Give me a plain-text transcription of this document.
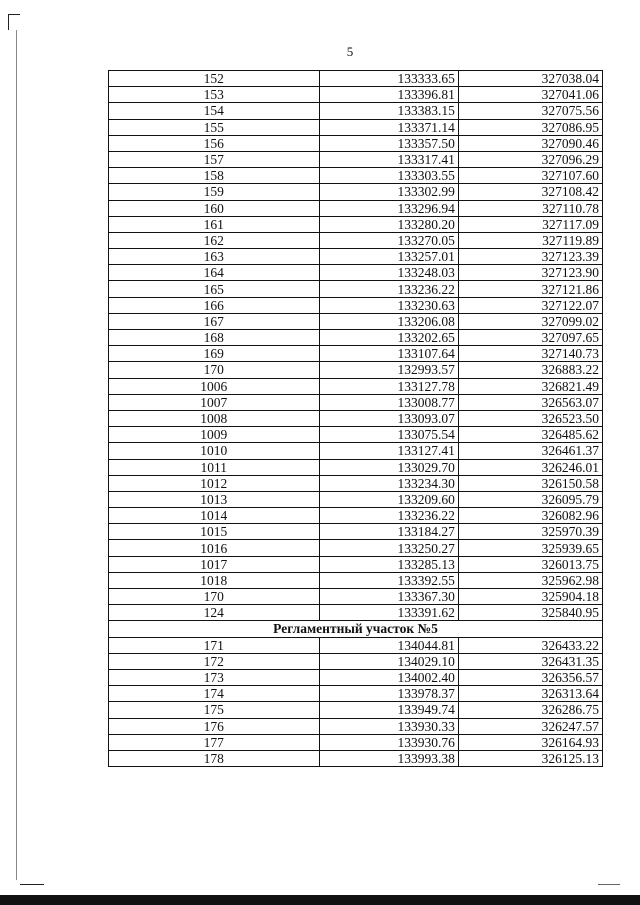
5
152	133333.65	327038.04
153	133396.81	327041.06
154	133383.15	327075.56
155	133371.14	327086.95
156	133357.50	327090.46
157	133317.41	327096.29
158	133303.55	327107.60
159	133302.99	327108.42
160	133296.94	327110.78
161	133280.20	327117.09
162	133270.05	327119.89
163	133257.01	327123.39
164	133248.03	327123.90
165	133236.22	327121.86
166	133230.63	327122.07
167	133206.08	327099.02
168	133202.65	327097.65
169	133107.64	327140.73
170	132993.57	326883.22
1006	133127.78	326821.49
1007	133008.77	326563.07
1008	133093.07	326523.50
1009	133075.54	326485.62
1010	133127.41	326461.37
1011	133029.70	326246.01
1012	133234.30	326150.58
1013	133209.60	326095.79
1014	133236.22	326082.96
1015	133184.27	325970.39
1016	133250.27	325939.65
1017	133285.13	326013.75
1018	133392.55	325962.98
170	133367.30	325904.18
124	133391.62	325840.95
Регламентный участок №5		
171	134044.81	326433.22
172	134029.10	326431.35
173	134002.40	326356.57
174	133978.37	326313.64
175	133949.74	326286.75
176	133930.33	326247.57
177	133930.76	326164.93
178	133993.38	326125.13
